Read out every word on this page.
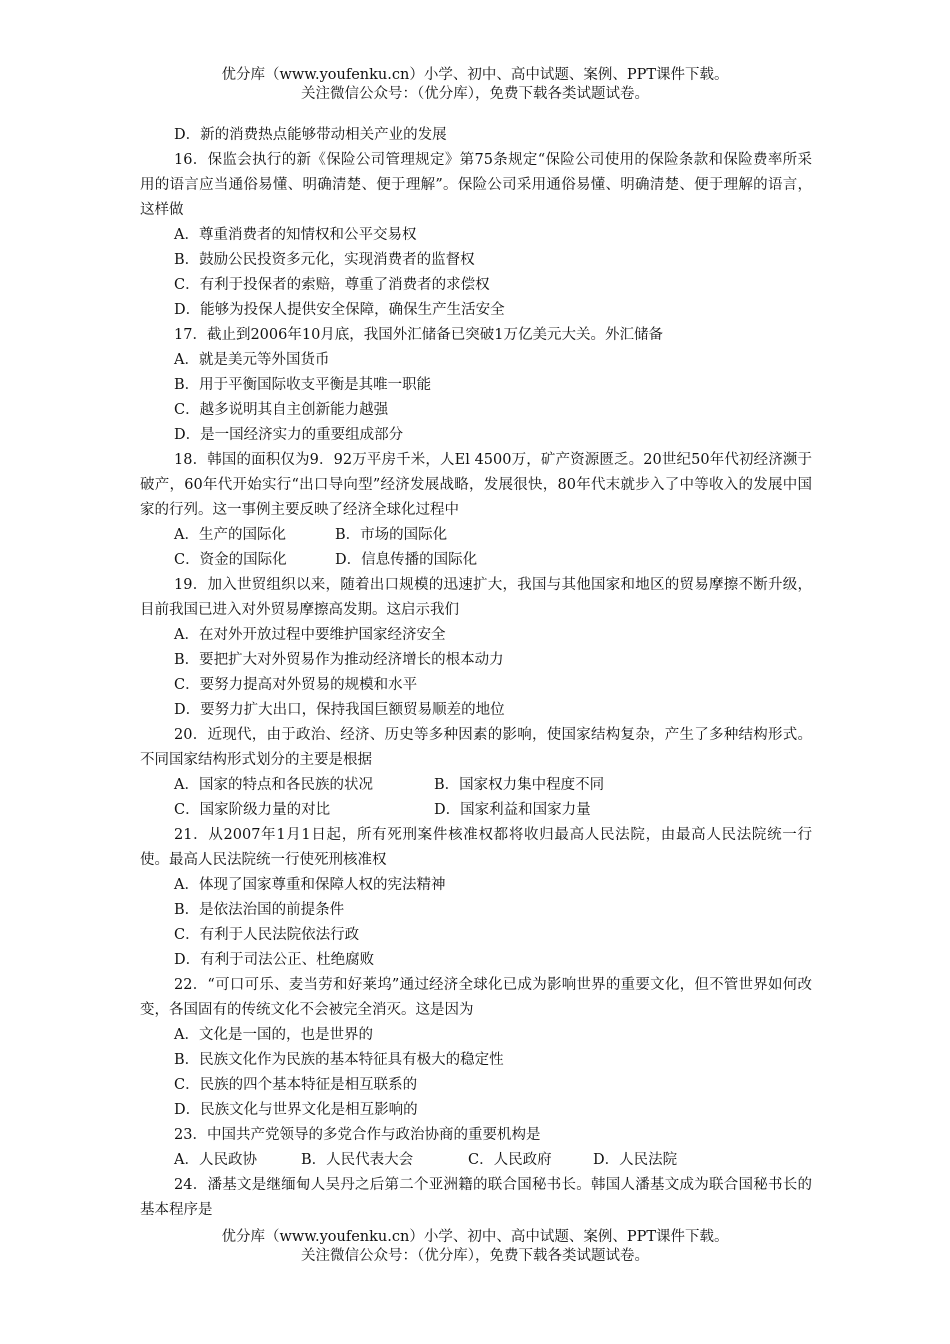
优分库（www.youfenku.cn）小学、初中、高中试题、案例、PPT课件下载。
关注微信公众号：（优分库），免费下载各类试题试卷。

D．新的消费热点能够带动相关产业的发展

16．保监会执行的新《保险公司管理规定》第75条规定“保险公司使用的保险条款和保险费率所采用的语言应当通俗易懂、明确清楚、便于理解”。保险公司采用通俗易懂、明确清楚、便于理解的语言，这样做

A．尊重消费者的知情权和公平交易权

B．鼓励公民投资多元化，实现消费者的监督权

C．有利于投保者的索赔，尊重了消费者的求偿权

D．能够为投保人提供安全保障，确保生产生活安全

17．截止到2006年10月底，我国外汇储备已突破1万亿美元大关。外汇储备

A．就是美元等外国货币

B．用于平衡国际收支平衡是其唯一职能

C．越多说明其自主创新能力越强

D．是一国经济实力的重要组成部分

18．韩国的面积仅为9．92万平房千米，人El 4500万，矿产资源匮乏。20世纪50年代初经济濒于破产，60年代开始实行“出口导向型”经济发展战略，发展很快，80年代末就步入了中等收入的发展中国家的行列。这一事例主要反映了经济全球化过程中

A．生产的国际化	B．市场的国际化
C．资金的国际化	D．信息传播的国际化

19．加入世贸组织以来，随着出口规模的迅速扩大，我国与其他国家和地区的贸易摩擦不断升级，目前我国已进入对外贸易摩擦高发期。这启示我们

A．在对外开放过程中要维护国家经济安全

B．要把扩大对外贸易作为推动经济增长的根本动力

C．要努力提高对外贸易的规模和水平

D．要努力扩大出口，保持我国巨额贸易顺差的地位

20．近现代，由于政治、经济、历史等多种因素的影响，使国家结构复杂，产生了多种结构形式。不同国家结构形式划分的主要是根据

A．国家的特点和各民族的状况	B．国家权力集中程度不同
C．国家阶级力量的对比	D．国家利益和国家力量

21．从2007年1月1日起，所有死刑案件核准权都将收归最高人民法院，由最高人民法院统一行使。最高人民法院统一行使死刑核准权

A．体现了国家尊重和保障人权的宪法精神

B．是依法治国的前提条件

C．有利于人民法院依法行政

D．有利于司法公正、杜绝腐败

22．“可口可乐、麦当劳和好莱坞”通过经济全球化已成为影响世界的重要文化，但不管世界如何改变，各国固有的传统文化不会被完全消灭。这是因为

A．文化是一国的，也是世界的

B．民族文化作为民族的基本特征具有极大的稳定性

C．民族的四个基本特征是相互联系的

D．民族文化与世界文化是相互影响的

23．中国共产党领导的多党合作与政治协商的重要机构是

A．人民政协	B．人民代表大会	C．人民政府	D．人民法院

24．潘基文是继缅甸人吴丹之后第二个亚洲籍的联合国秘书长。韩国人潘基文成为联合国秘书长的基本程序是

优分库（www.youfenku.cn）小学、初中、高中试题、案例、PPT课件下载。
关注微信公众号：（优分库），免费下载各类试题试卷。
